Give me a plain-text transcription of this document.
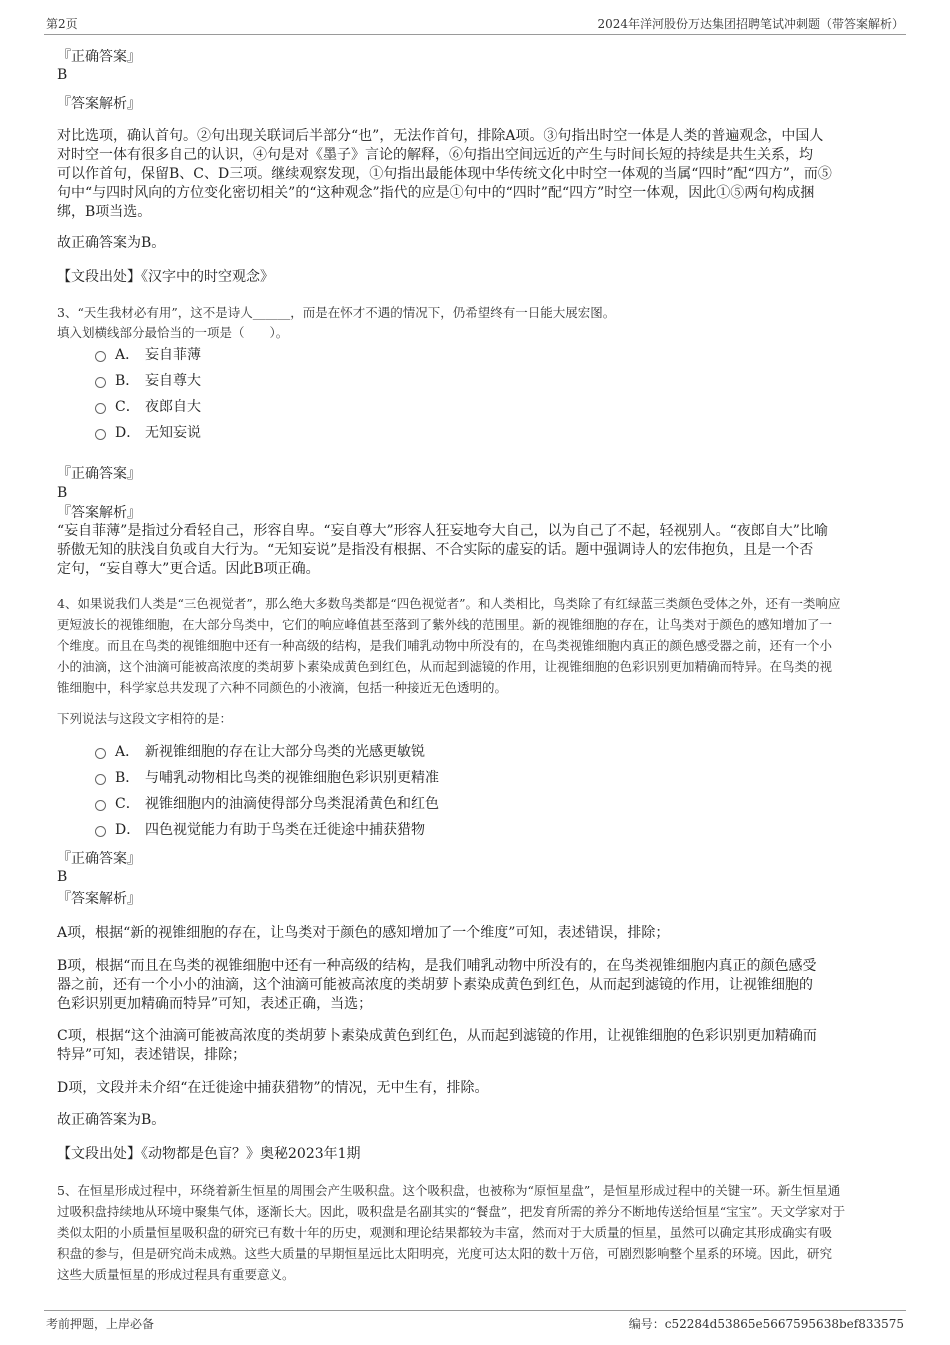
第2页	2024年洋河股份万达集团招聘笔试冲刺题（带答案解析）
『正确答案』
B
『答案解析』
对比选项，确认首句。②句出现关联词后半部分“也”，无法作首句，排除A项。③句指出时空一体是人类的普遍观念，中国人
对时空一体有很多自己的认识，④句是对《墨子》言论的解释，⑥句指出空间远近的产生与时间长短的持续是共生关系，均
可以作首句，保留B、C、D三项。继续观察发现，①句指出最能体现中华传统文化中时空一体观的当属“四时”配“四方”，而⑤
句中“与四时风向的方位变化密切相关”的“这种观念”指代的应是①句中的“四时”配“四方”时空一体观，因此①⑤两句构成捆
绑，B项当选。
故正确答案为B。
【文段出处】《汉字中的时空观念》
3、“天生我材必有用”，这不是诗人______，而是在怀才不遇的情况下，仍希望终有一日能大展宏图。
填入划横线部分最恰当的一项是（　　）。
A． 妄自菲薄
B． 妄自尊大
C． 夜郎自大
D． 无知妄说
『正确答案』
B
『答案解析』
“妄自菲薄”是指过分看轻自己，形容自卑。“妄自尊大”形容人狂妄地夸大自己，以为自己了不起，轻视别人。“夜郎自大”比喻
骄傲无知的肤浅自负或自大行为。“无知妄说”是指没有根据、不合实际的虚妄的话。题中强调诗人的宏伟抱负，且是一个否
定句，“妄自尊大”更合适。因此B项正确。
4、如果说我们人类是“三色视觉者”，那么绝大多数鸟类都是“四色视觉者”。和人类相比，鸟类除了有红绿蓝三类颜色受体之外，还有一类响应
更短波长的视锥细胞，在大部分鸟类中，它们的响应峰值甚至落到了紫外线的范围里。新的视锥细胞的存在，让鸟类对于颜色的感知增加了一
个维度。而且在鸟类的视锥细胞中还有一种高级的结构，是我们哺乳动物中所没有的，在鸟类视锥细胞内真正的颜色感受器之前，还有一个小
小的油滴，这个油滴可能被高浓度的类胡萝卜素染成黄色到红色，从而起到滤镜的作用，让视锥细胞的色彩识别更加精确而特异。在鸟类的视
锥细胞中，科学家总共发现了六种不同颜色的小液滴，包括一种接近无色透明的。
下列说法与这段文字相符的是：
A． 新视锥细胞的存在让大部分鸟类的光感更敏锐
B． 与哺乳动物相比鸟类的视锥细胞色彩识别更精准
C． 视锥细胞内的油滴使得部分鸟类混淆黄色和红色
D． 四色视觉能力有助于鸟类在迁徙途中捕获猎物
『正确答案』
B
『答案解析』
A项，根据“新的视锥细胞的存在，让鸟类对于颜色的感知增加了一个维度”可知，表述错误，排除；
B项，根据“而且在鸟类的视锥细胞中还有一种高级的结构，是我们哺乳动物中所没有的，在鸟类视锥细胞内真正的颜色感受
器之前，还有一个小小的油滴，这个油滴可能被高浓度的类胡萝卜素染成黄色到红色，从而起到滤镜的作用，让视锥细胞的
色彩识别更加精确而特异”可知，表述正确，当选；
C项，根据“这个油滴可能被高浓度的类胡萝卜素染成黄色到红色，从而起到滤镜的作用，让视锥细胞的色彩识别更加精确而
特异”可知，表述错误，排除；
D项，文段并未介绍“在迁徙途中捕获猎物”的情况，无中生有，排除。
故正确答案为B。
【文段出处】《动物都是色盲？》奥秘2023年1期
5、在恒星形成过程中，环绕着新生恒星的周围会产生吸积盘。这个吸积盘，也被称为“原恒星盘”，是恒星形成过程中的关键一环。新生恒星通
过吸积盘持续地从环境中聚集气体，逐渐长大。因此，吸积盘是名副其实的“餐盘”，把发育所需的养分不断地传送给恒星“宝宝”。天文学家对于
类似太阳的小质量恒星吸积盘的研究已有数十年的历史，观测和理论结果都较为丰富，然而对于大质量的恒星，虽然可以确定其形成确实有吸
积盘的参与，但是研究尚未成熟。这些大质量的早期恒星远比太阳明亮，光度可达太阳的数十万倍，可剧烈影响整个星系的环境。因此，研究
这些大质量恒星的形成过程具有重要意义。
考前押题，上岸必备	编号：c52284d53865e5667595638bef833575
